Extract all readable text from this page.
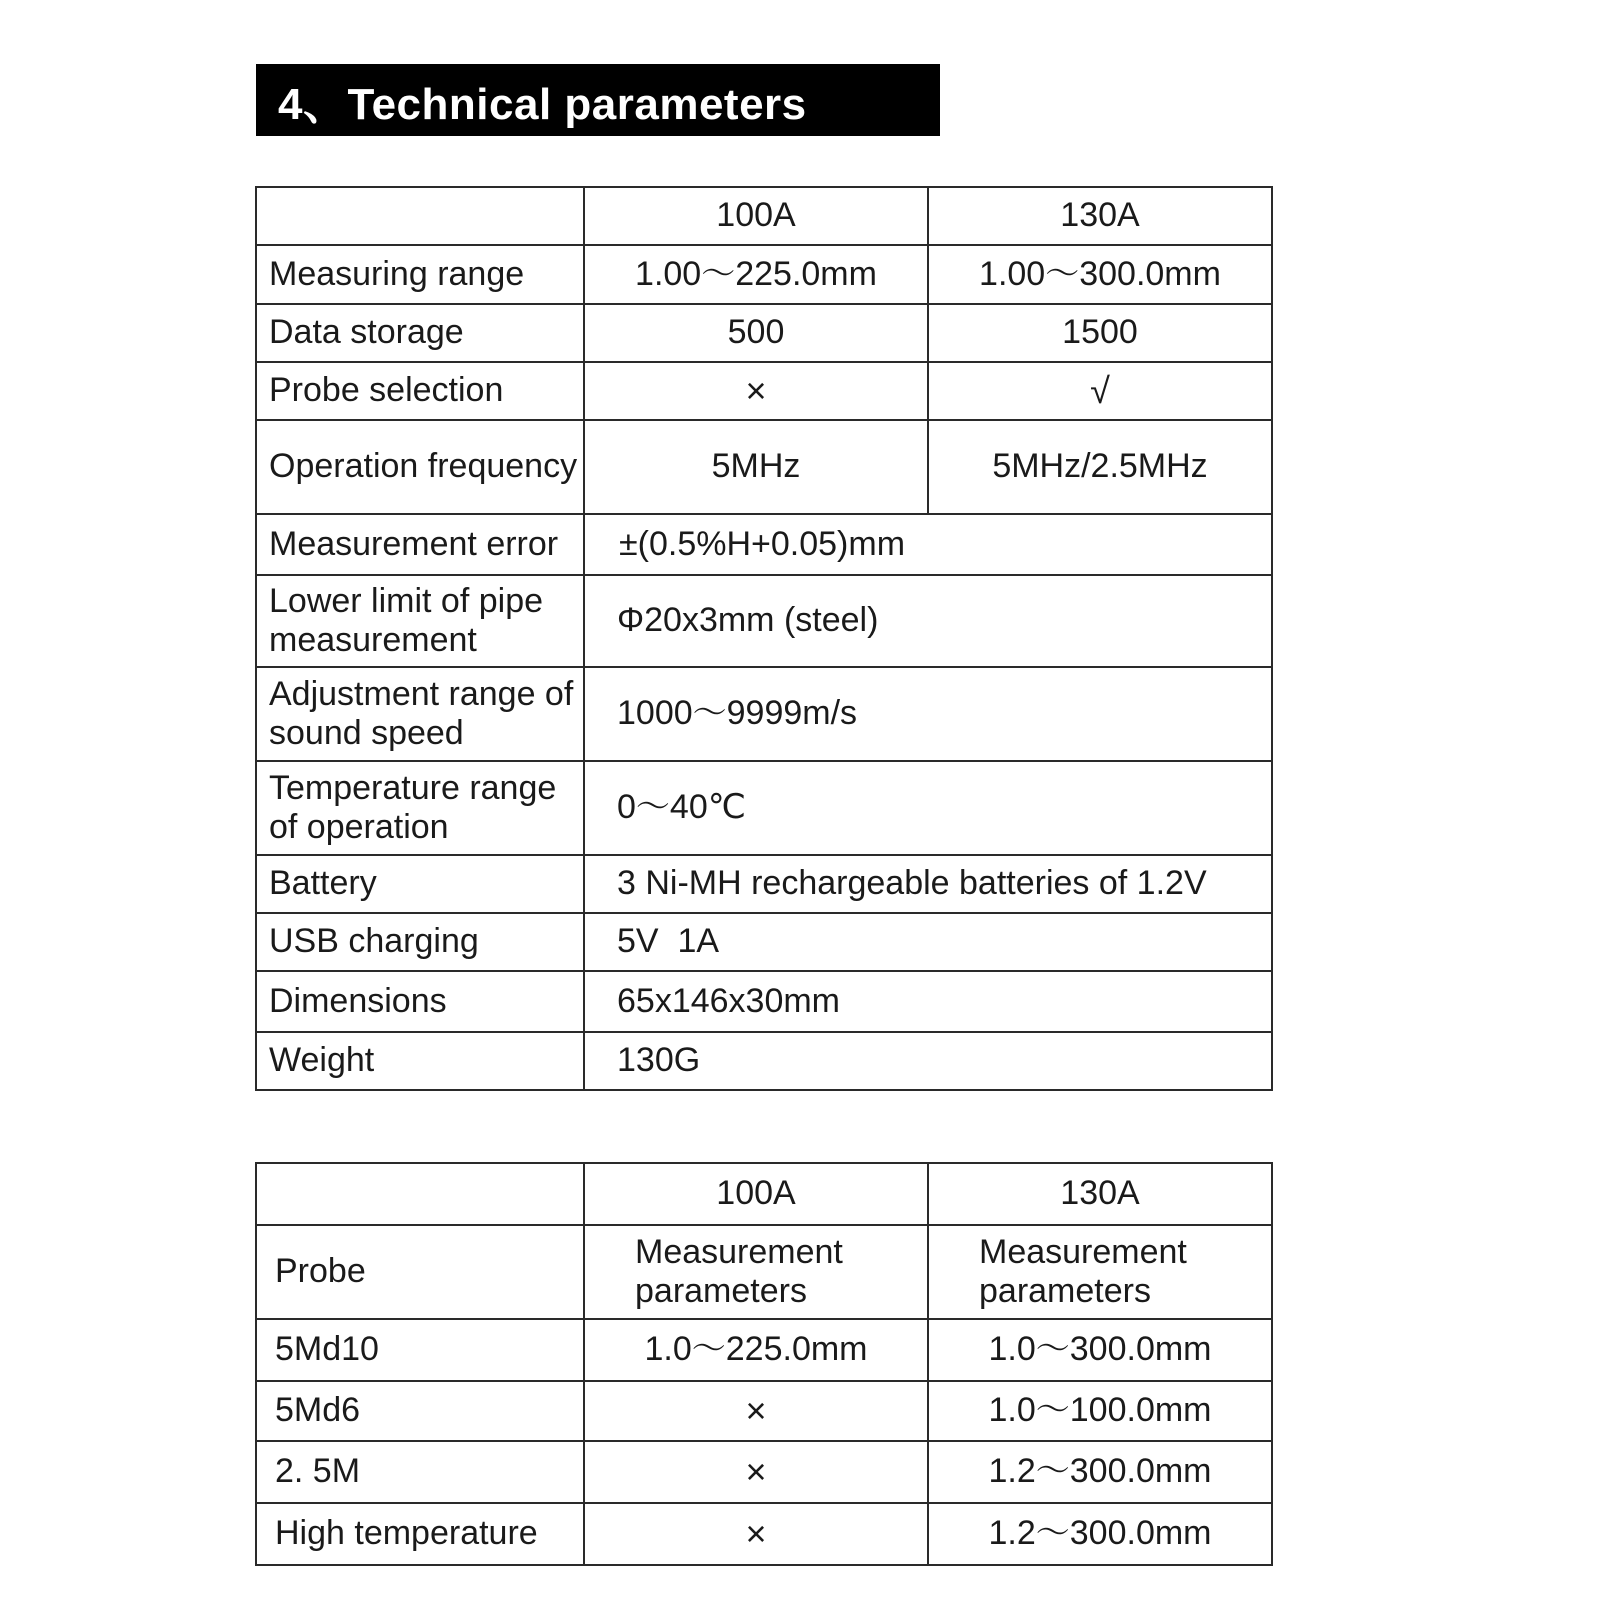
4、Technical parameters
	100A	130A
Measuring range	1.00～225.0mm	1.00～300.0mm
Data storage	500	1500
Probe selection	×	√
Operation frequency	5MHz	5MHz/2.5MHz
Measurement error	±(0.5%H+0.05)mm	
Lower limit of pipe measurement	Φ20x3mm (steel)	
Adjustment range of sound speed	1000～9999m/s	
Temperature range of operation	0～40℃	
Battery	3 Ni-MH rechargeable batteries of 1.2V	
USB charging	5V  1A	
Dimensions	65x146x30mm	
Weight	130G	
	100A	130A
Probe	Measurement parameters	Measurement parameters
5Md10	1.0～225.0mm	1.0～300.0mm
5Md6	×	1.0～100.0mm
2. 5M	×	1.2～300.0mm
High temperature	×	1.2～300.0mm
